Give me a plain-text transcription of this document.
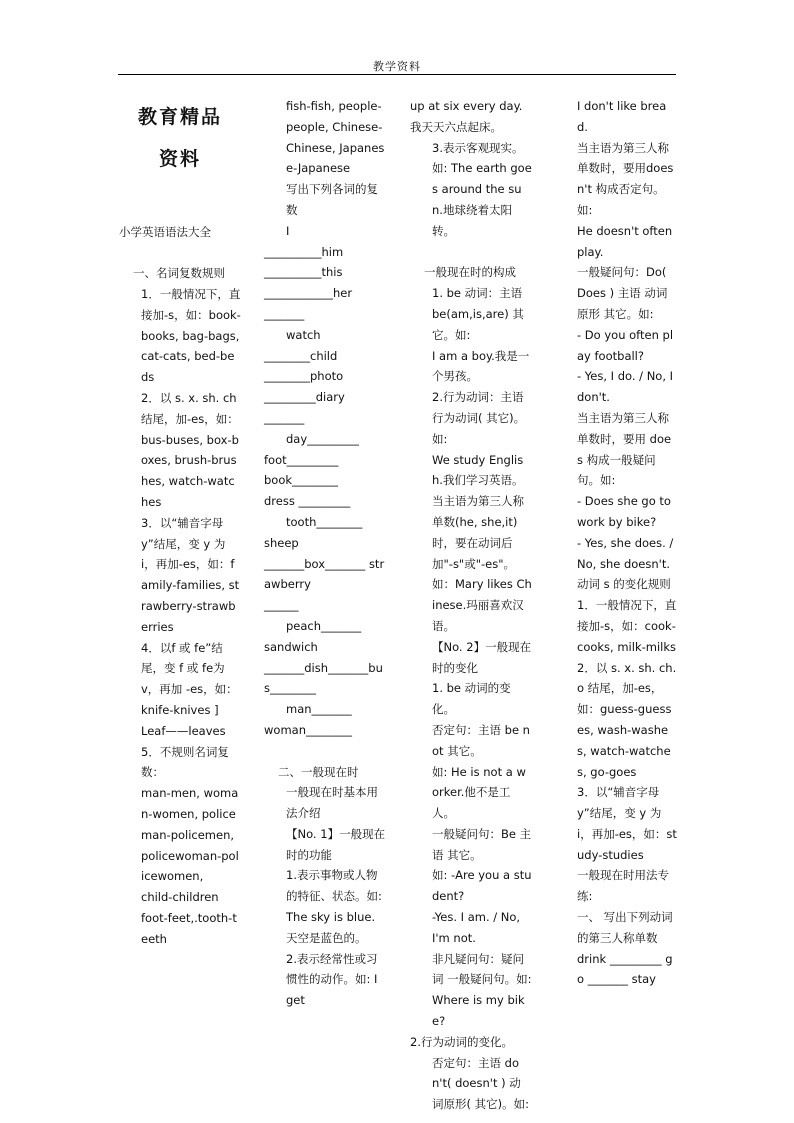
教学资料

教育精品

资料

小学英语语法大全

一、名词复数规则

1．一般情况下，直接加-s，如：book-books, bag-bags,cat-cats, bed-beds

2．以 s. x. sh. ch 结尾，加-es，如：bus-buses, box-boxes, brush-brushes, watch-watches

3．以“辅音字母 y”结尾，变 y 为 i，再加-es，如：family-families, strawberry-strawberries

4．以f 或 fe”结尾，变 f 或 fe为 v，再加 -es，如：knife-knives ]

Leaf——leaves

5．不规则名词复数：

man-men, woman-women, policeman-policemen, policewoman-policewomen,

child-children

foot-feet,.tooth-teeth

fish-fish, people-people, Chinese-Chinese, Japanese-Japanese

写出下列各词的复数

I

__________him

__________this

____________her

_______

watch

________child

________photo

_________diary

_______

day_________

foot_________

book________

dress _________

tooth________

sheep

_______box_______ strawberry

______

peach_______

sandwich

_______dish_______bus________

man_______

woman________

二、一般现在时

一般现在时基本用法介绍

【No. 1】一般现在时的功能

1.表示事物或人物的特征、状态。如: The sky is blue.天空是蓝色的。

2.表示经常性或习惯性的动作。如: I get

up at six every day. 我天天六点起床。

3.表示客观现实。如: The earth goes around the sun.地球绕着太阳转。

一般现在时的构成

1. be 动词：主语 be(am,is,are) 其它。如:

I am a boy.我是一个男孩。

2.行为动词：主语 行为动词( 其它)。如:

We study English.我们学习英语。

当主语为第三人称单数(he, she,it)时，要在动词后加"-s"或"-es"。如：Mary likes Chinese.玛丽喜欢汉语。

【No. 2】一般现在时的变化

1. be 动词的变化。

否定句：主语 be not 其它。

如: He is not a worker.他不是工人。

一般疑问句：Be 主语 其它。

如: -Are you a student?

-Yes. I am. / No, I'm not.

非凡疑问句：疑问词 一般疑问句。如: Where is my bike?

2.行为动词的变化。

否定句：主语 don't( doesn't ) 动词原形( 其它)。如:

I don't like bread.

当主语为第三人称单数时，要用doesn't 构成否定句。如:

He doesn't often play.

一般疑问句：Do( Does ) 主语 动词原形 其它。如:

- Do you often play football?

- Yes, I do. / No, I don't.

当主语为第三人称单数时，要用 does 构成一般疑问句。如:

- Does she go to work by bike?

- Yes, she does. / No, she doesn't.

动词 s 的变化规则

1．一般情况下，直接加-s，如：cook-cooks, milk-milks

2．以 s. x. sh. ch. o 结尾，加-es，如：guess-guesses, wash-washes, watch-watches, go-goes

3．以“辅音字母 y”结尾，变 y 为 i，再加-es，如：study-studies

一般现在时用法专练:

一、 写出下列动词的第三人称单数

drink _________ go _______ stay
